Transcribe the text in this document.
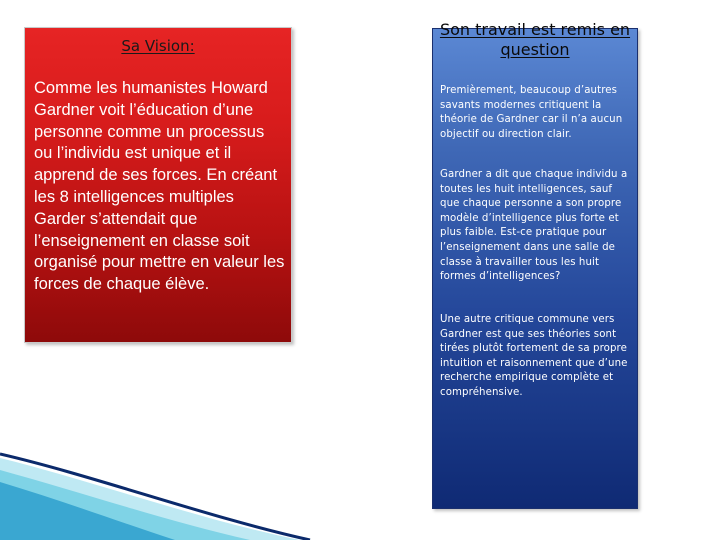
Sa Vision:
Comme les humanistes Howard Gardner voit l’éducation d’une personne comme un processus ou l’individu est unique et il apprend de ses forces. En créant les 8 intelligences multiples Garder s’attendait que l’enseignement en classe soit organisé pour mettre en valeur les forces de chaque élève.
Son travail est remis en question
Premièrement, beaucoup d’autres savants modernes critiquent la théorie de Gardner car il n’a aucun objectif ou direction clair.
Gardner a dit que chaque individu a toutes les huit intelligences, sauf que chaque personne a son propre modèle d’intelligence plus forte et plus faible. Est-ce pratique pour l’enseignement dans une salle de classe à travailler tous les huit formes d’intelligences?
Une autre critique commune vers Gardner est que ses théories sont tirées plutôt fortement de sa propre intuition et raisonnement que d’une recherche empirique complète et compréhensive.
